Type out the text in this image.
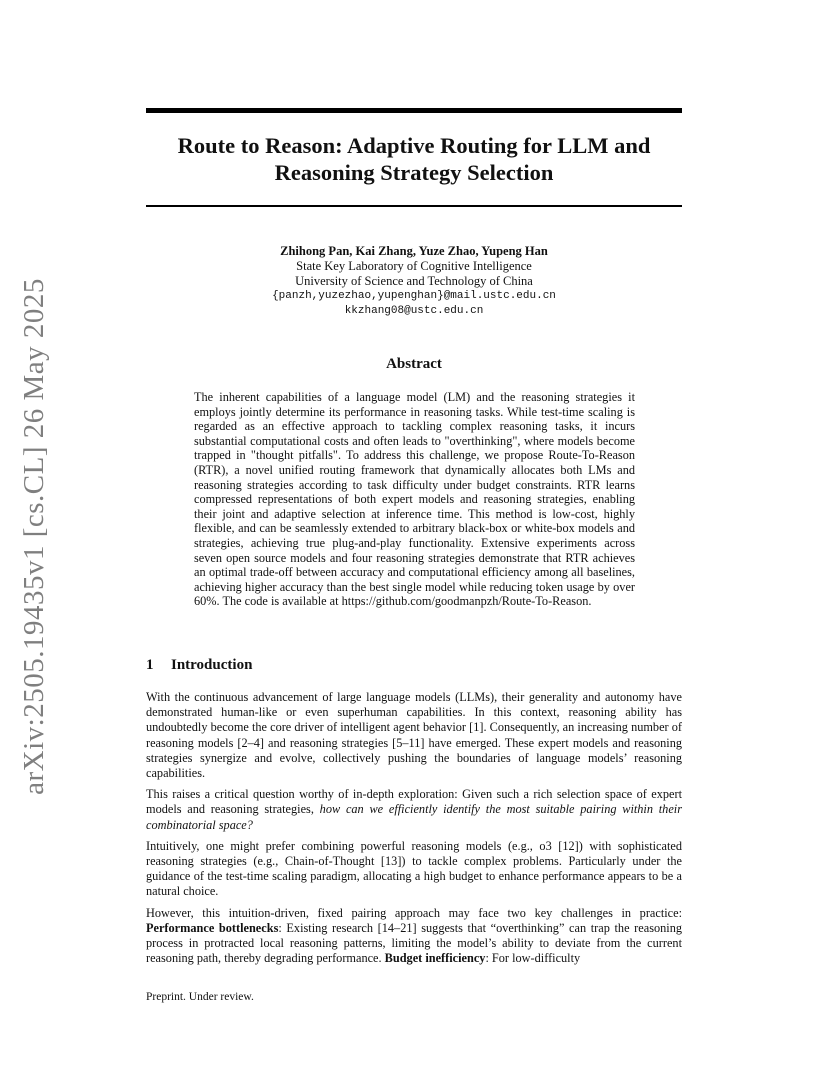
arXiv:2505.19435v1 [cs.CL] 26 May 2025
Route to Reason: Adaptive Routing for LLM and Reasoning Strategy Selection
Zhihong Pan, Kai Zhang, Yuze Zhao, Yupeng Han
State Key Laboratory of Cognitive Intelligence
University of Science and Technology of China
{panzh,yuzezhao,yupenghan}@mail.ustc.edu.cn
kkzhang08@ustc.edu.cn
Abstract

The inherent capabilities of a language model (LM) and the reasoning strategies it employs jointly determine its performance in reasoning tasks. While test-time scaling is regarded as an effective approach to tackling complex reasoning tasks, it incurs substantial computational costs and often leads to "overthinking", where models become trapped in "thought pitfalls". To address this challenge, we propose Route-To-Reason (RTR), a novel unified routing framework that dynamically allocates both LMs and reasoning strategies according to task difficulty under budget constraints. RTR learns compressed representations of both expert models and reasoning strategies, enabling their joint and adaptive selection at inference time. This method is low-cost, highly flexible, and can be seamlessly extended to arbitrary black-box or white-box models and strategies, achieving true plug-and-play functionality. Extensive experiments across seven open source models and four reasoning strategies demonstrate that RTR achieves an optimal trade-off between accuracy and computational efficiency among all baselines, achieving higher accuracy than the best single model while reducing token usage by over 60%. The code is available at https://github.com/goodmanpzh/Route-To-Reason.

1 Introduction

With the continuous advancement of large language models (LLMs), their generality and autonomy have demonstrated human-like or even superhuman capabilities. In this context, reasoning ability has undoubtedly become the core driver of intelligent agent behavior [1]. Consequently, an increasing number of reasoning models [2–4] and reasoning strategies [5–11] have emerged. These expert models and reasoning strategies synergize and evolve, collectively pushing the boundaries of language models’ reasoning capabilities.

This raises a critical question worthy of in-depth exploration: Given such a rich selection space of expert models and reasoning strategies, how can we efficiently identify the most suitable pairing within their combinatorial space?

Intuitively, one might prefer combining powerful reasoning models (e.g., o3 [12]) with sophisticated reasoning strategies (e.g., Chain-of-Thought [13]) to tackle complex problems. Particularly under the guidance of the test-time scaling paradigm, allocating a high budget to enhance performance appears to be a natural choice.

However, this intuition-driven, fixed pairing approach may face two key challenges in practice: Performance bottlenecks: Existing research [14–21] suggests that “overthinking” can trap the reasoning process in protracted local reasoning patterns, limiting the model’s ability to deviate from the current reasoning path, thereby degrading performance. Budget inefficiency: For low-difficulty

Preprint. Under review.
